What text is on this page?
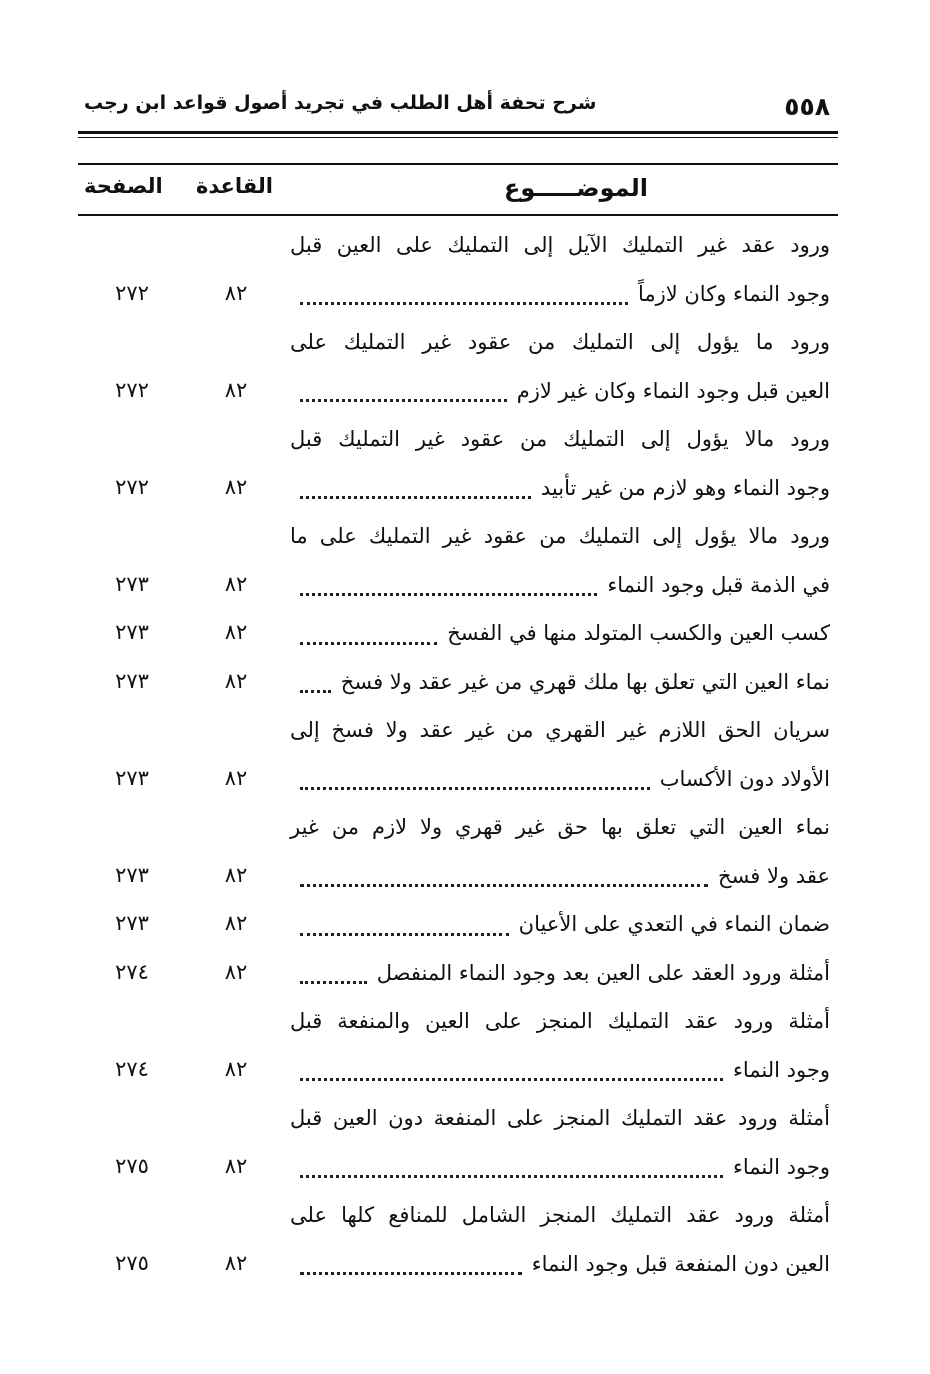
٥٥٨
شرح تحفة أهل الطلب في تجريد أصول قواعد ابن رجب
الموضـــــوع
القاعدة
الصفحة
ورود عقد غير التمليك الآيل إلى التمليك على العين قبل
وجود النماء وكان لازماً
٨٢
٢٧٢
ورود ما يؤول إلى التمليك من عقود غير التمليك على
العين قبل وجود النماء وكان غير لازم
٨٢
٢٧٢
ورود مالا يؤول إلى التمليك من عقود غير التمليك قبل
وجود النماء وهو لازم من غير تأبيد
٨٢
٢٧٢
ورود مالا يؤول إلى التمليك من عقود غير التمليك على ما
في الذمة قبل وجود النماء
٨٢
٢٧٣
كسب العين والكسب المتولد منها في الفسخ
٨٢
٢٧٣
نماء العين التي تعلق بها ملك قهري من غير عقد ولا فسخ
٨٢
٢٧٣
سريان الحق اللازم غير القهري من غير عقد ولا فسخ إلى
الأولاد دون الأكساب
٨٢
٢٧٣
نماء العين التي تعلق بها حق غير قهري ولا لازم من غير
عقد ولا فسخ
٨٢
٢٧٣
ضمان النماء في التعدي على الأعيان
٨٢
٢٧٣
أمثلة ورود العقد على العين بعد وجود النماء المنفصل
٨٢
٢٧٤
أمثلة ورود عقد التمليك المنجز على العين والمنفعة قبل
وجود النماء
٨٢
٢٧٤
أمثلة ورود عقد التمليك المنجز على المنفعة دون العين قبل
وجود النماء
٨٢
٢٧٥
أمثلة ورود عقد التمليك المنجز الشامل للمنافع كلها على
العين دون المنفعة قبل وجود النماء
٨٢
٢٧٥
